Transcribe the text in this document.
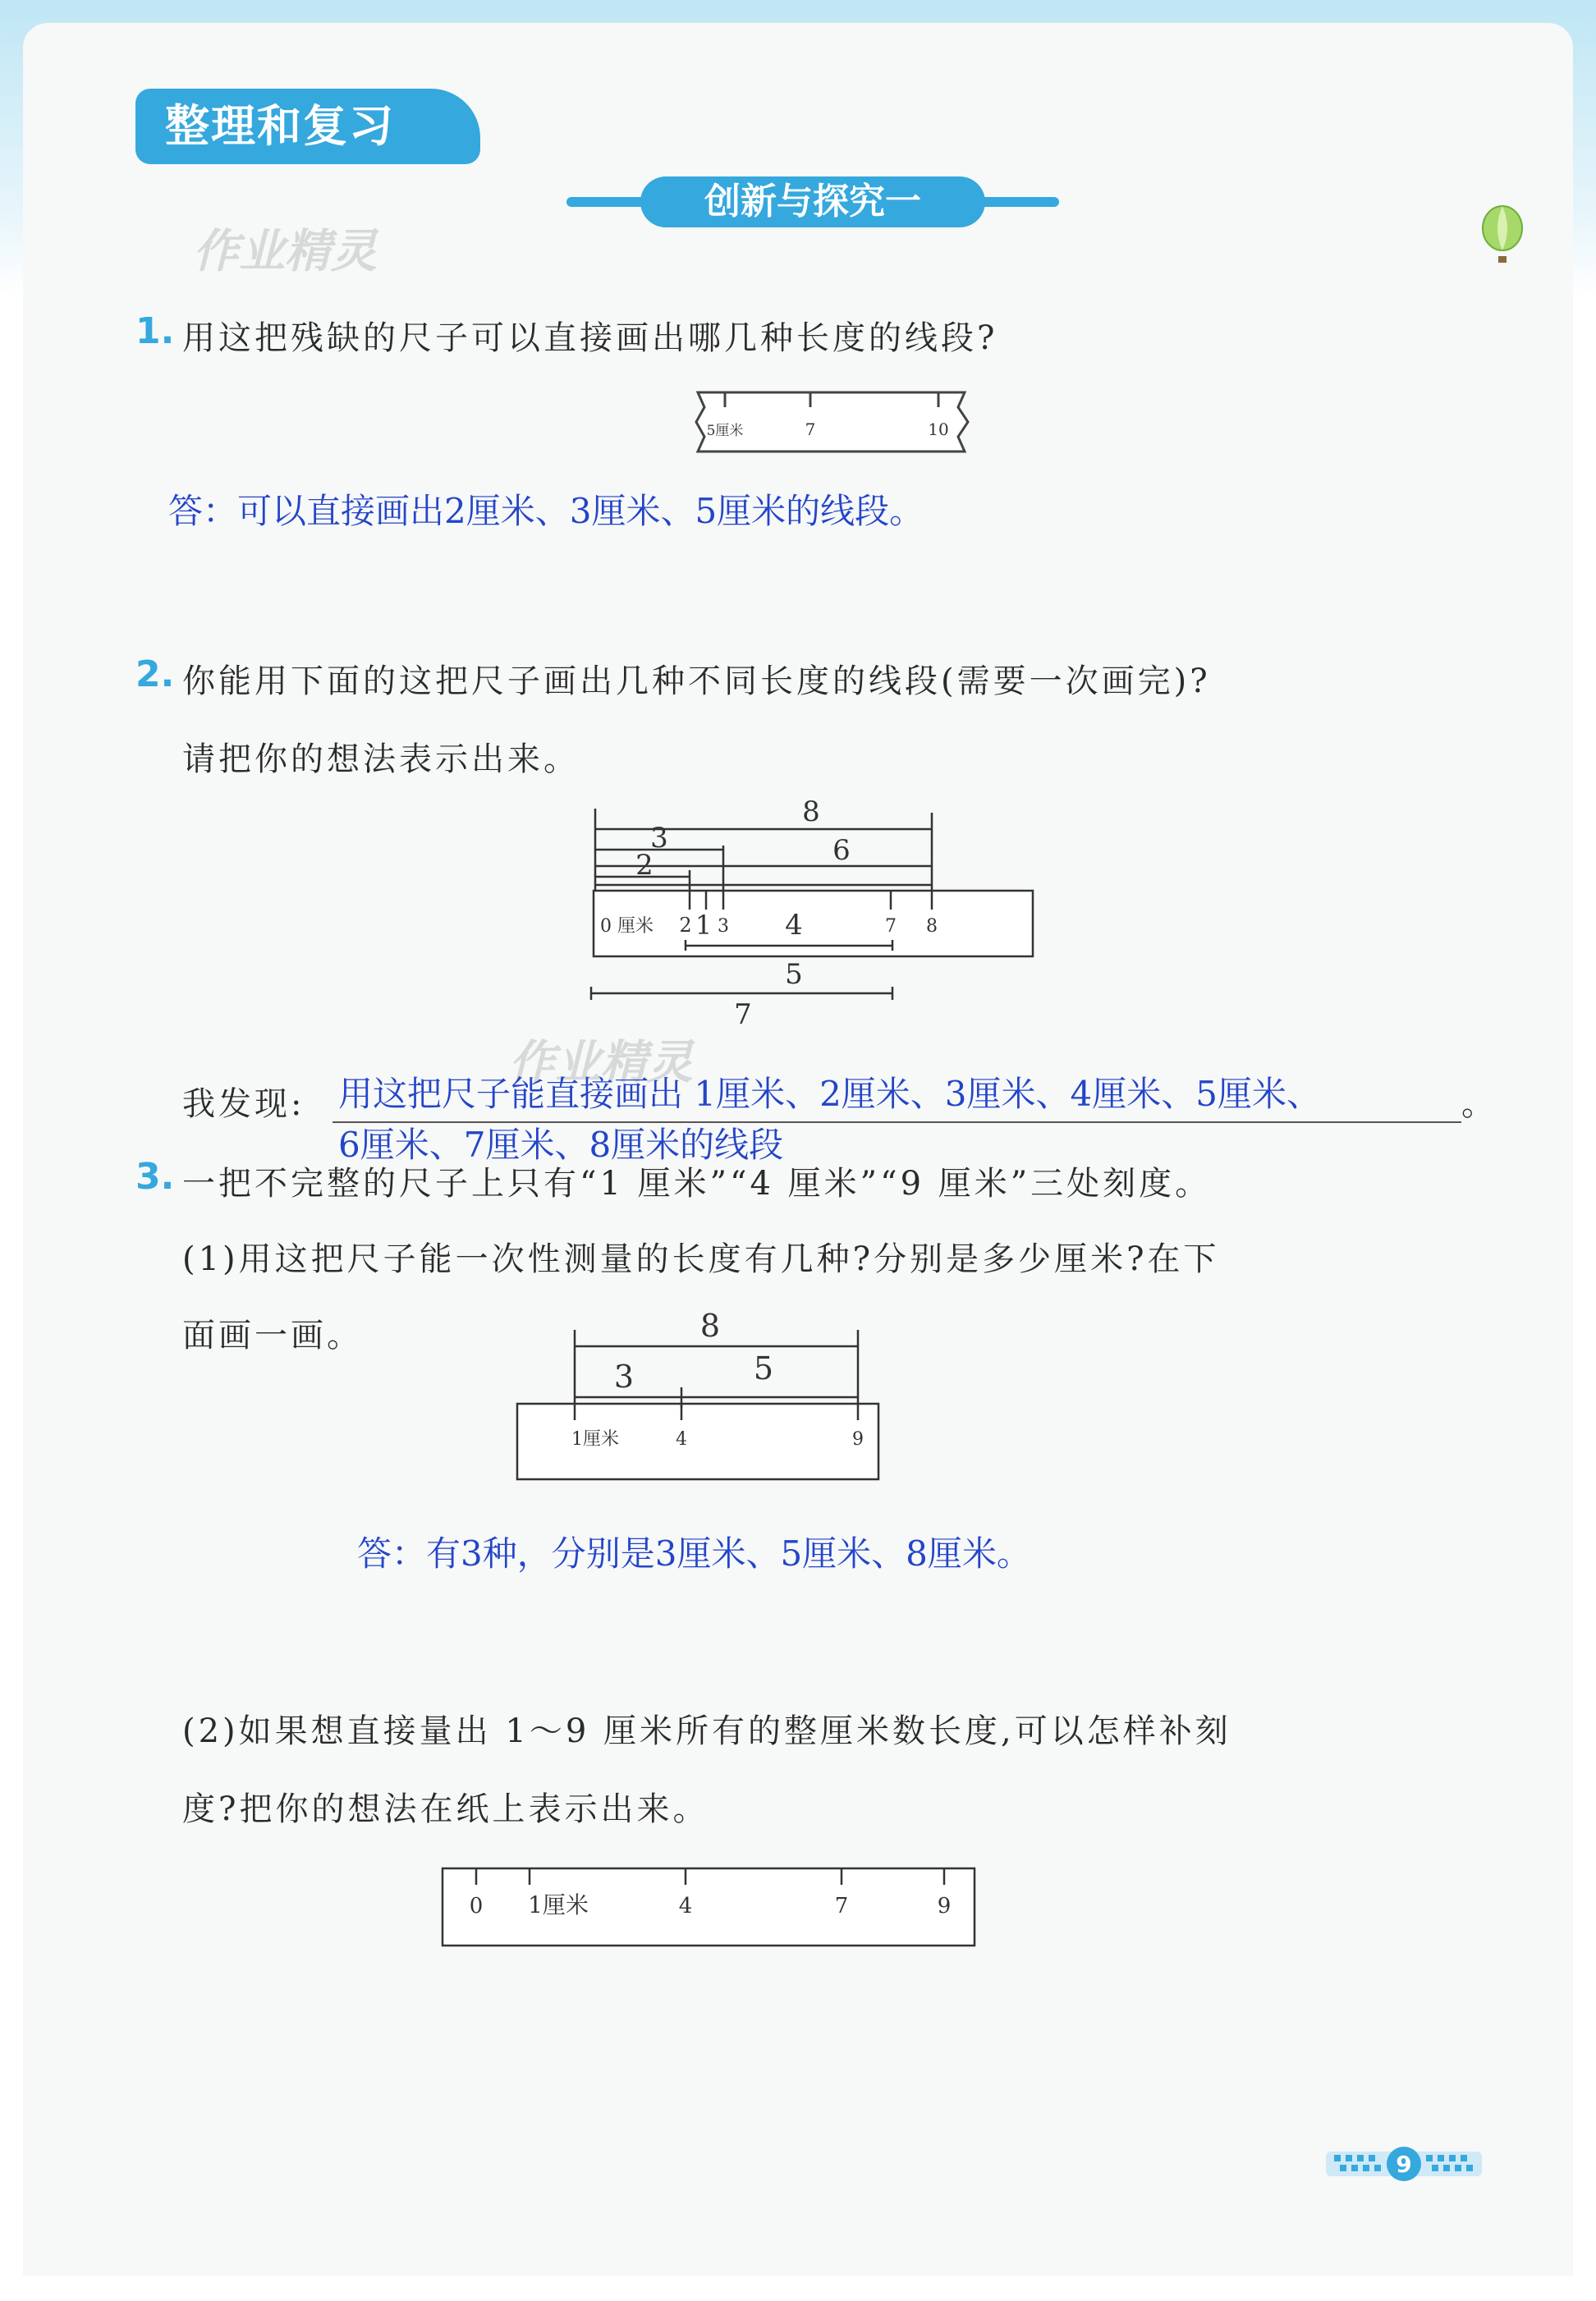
整理和复习
创新与探究一
作业精灵
作业精灵
1. 用这把残缺的尺子可以直接画出哪几种长度的线段?
5厘米	7	10
答：可以直接画出2厘米、3厘米、5厘米的线段。
2. 你能用下面的这把尺子画出几种不同长度的线段(需要一次画完)?
请把你的想法表示出来。
8
3	6
2
0 厘米 2 1 3 4	7 8
5
7
我发现: 用这把尺子能直接画出 1厘米、2厘米、3厘米、4厘米、5厘米、	。
6厘米、7厘米、8厘米的线段
3. 一把不完整的尺子上只有“1 厘米”“4 厘米”“9 厘米”三处刻度。
(1)用这把尺子能一次性测量的长度有几种?分别是多少厘米?在下
面画一画。	8
3	5
1厘米	4	9
答：有3种，分别是3厘米、5厘米、8厘米。
(2)如果想直接量出 1～9 厘米所有的整厘米数长度,可以怎样补刻
度?把你的想法在纸上表示出来。
0 1厘米	4	7	9
9
